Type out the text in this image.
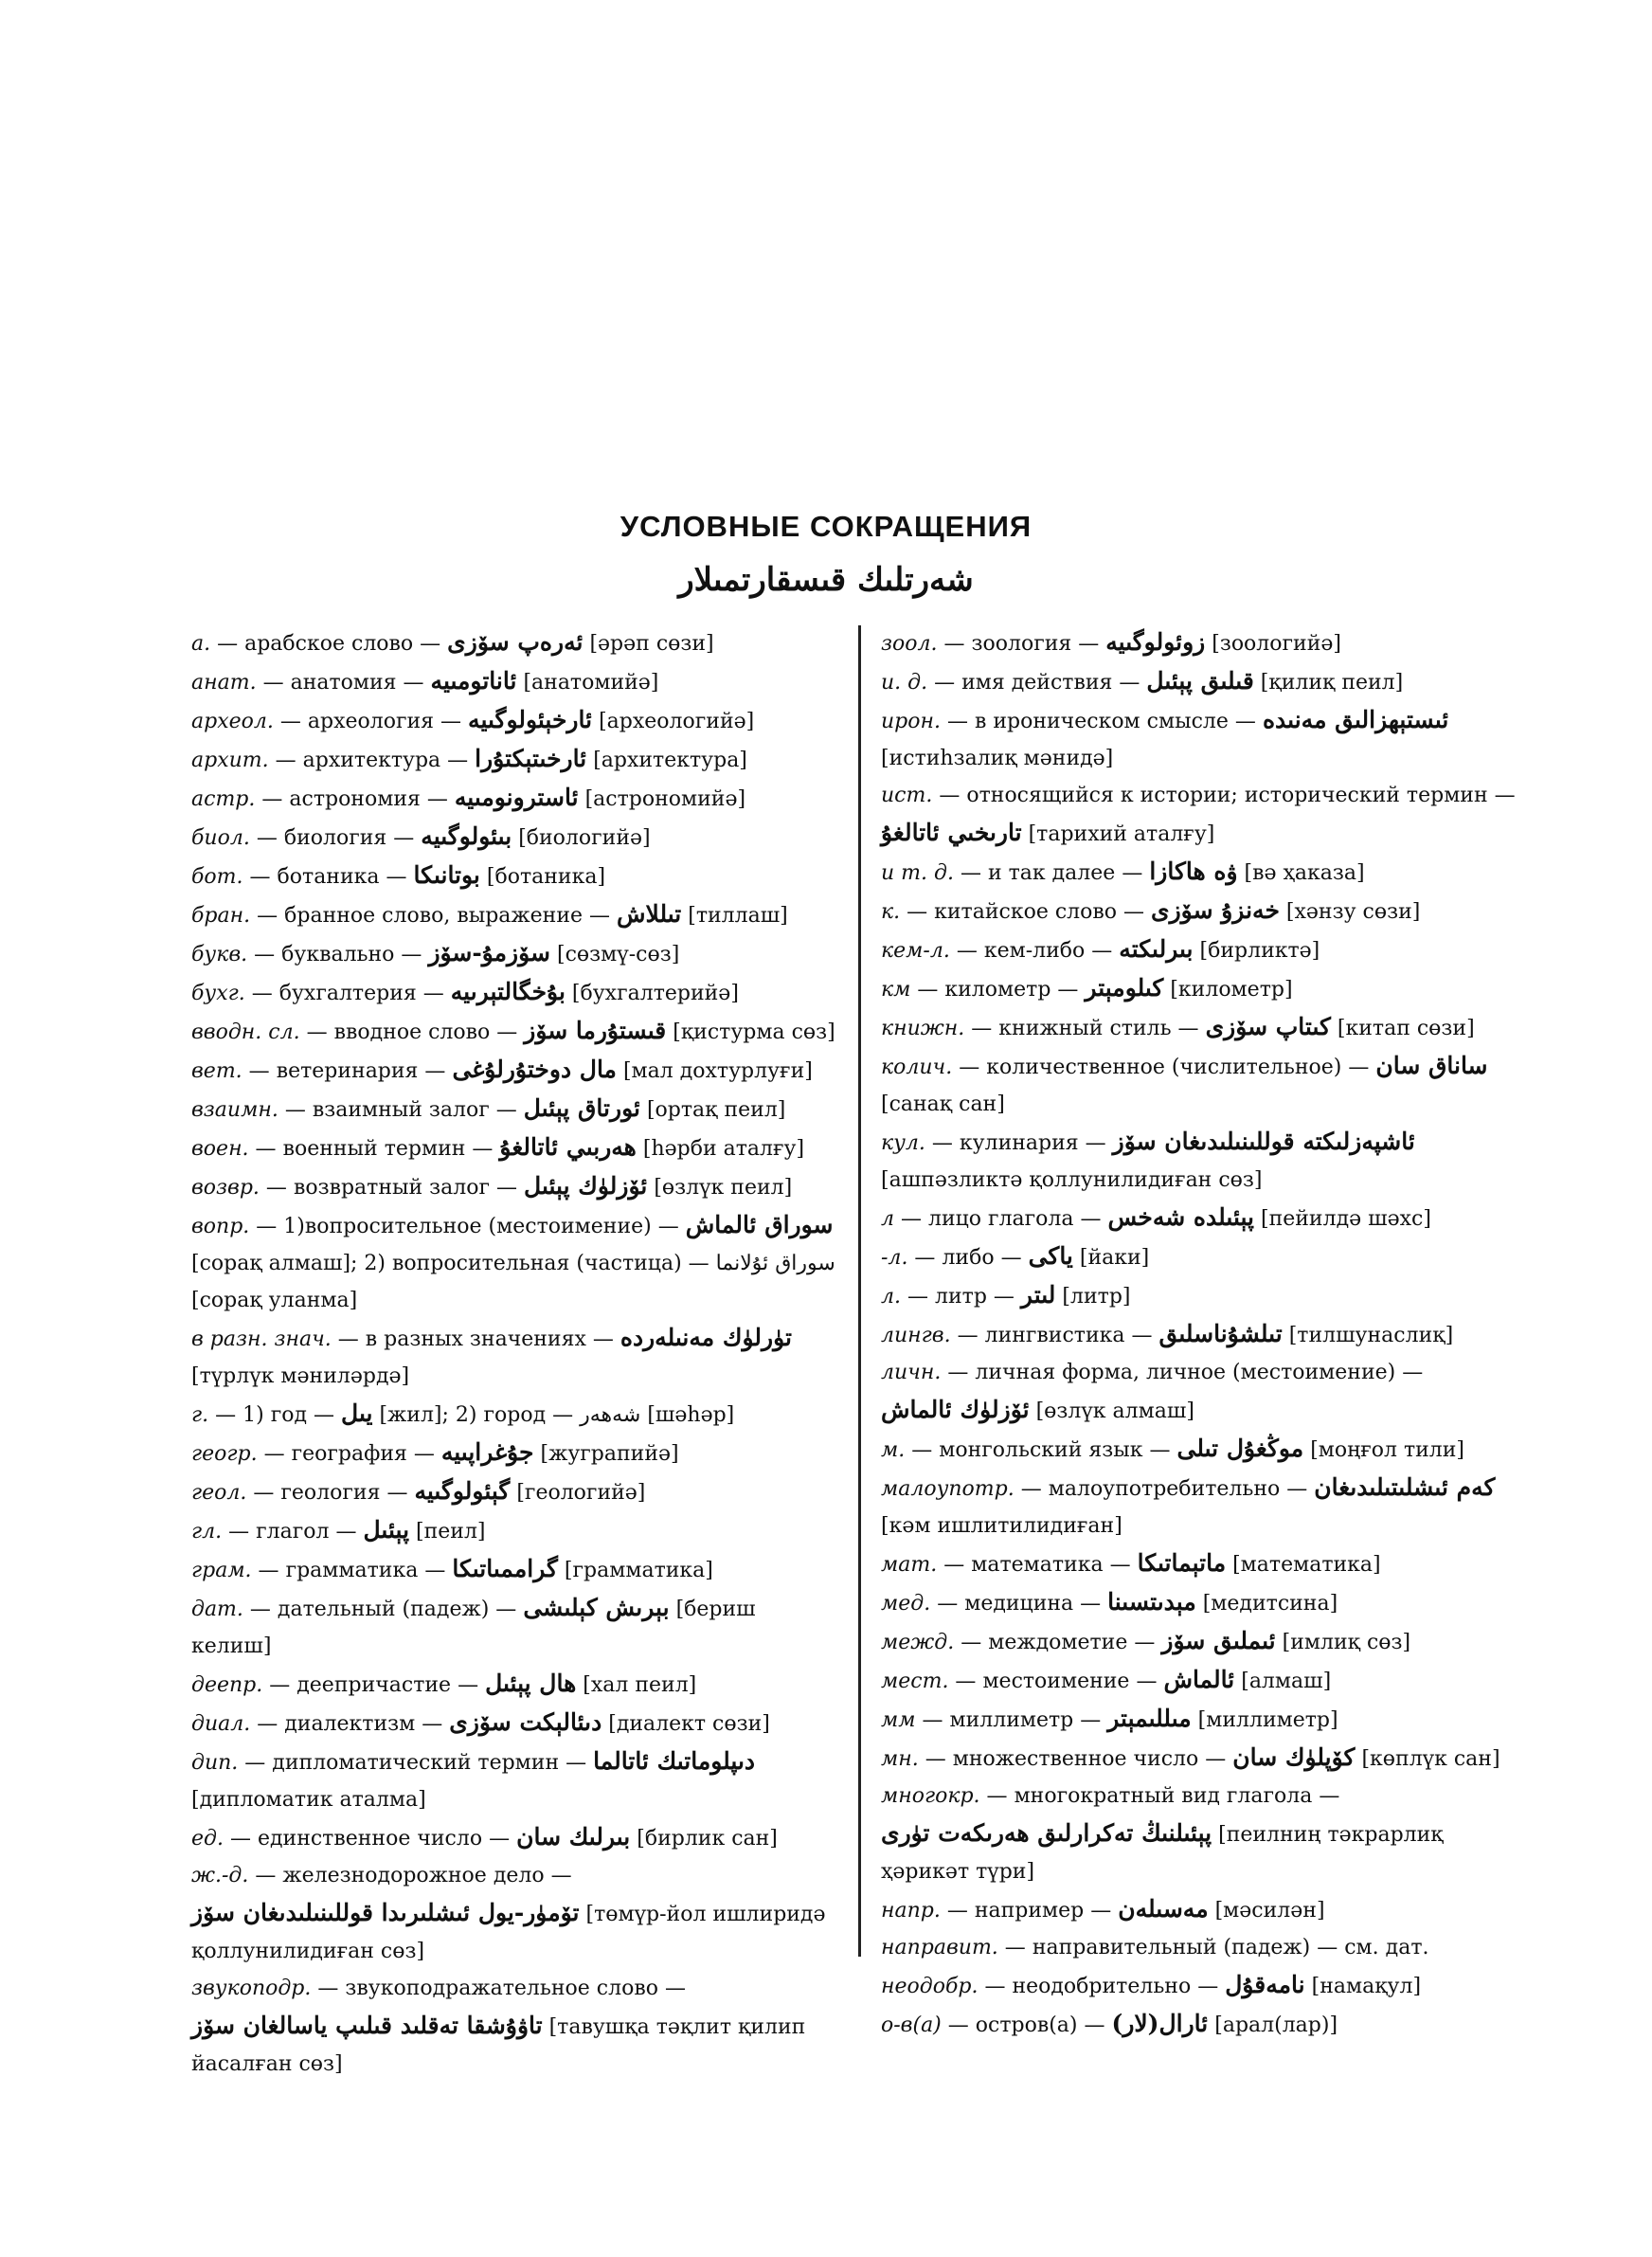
УСЛОВНЫЕ СОКРАЩЕНИЯ
شەرتلىك قىسقارتمىلار

а. — арабское слово — ئەرەپ سۆزى [әрәп сөзи]

анат. — анатомия — ئاناتومىيە [анатомийә]

археол. — археология — ئارخېئولوگىيە [археологийә]

архит. — архитектура — ئارخىتېكتۇرا [архитектура]

астр. — астрономия — ئاسترونومىيە [астрономийә]

биол. — биология — بىئولوگىيە [биологийә]

бот. — ботаника — بوتانىكا [ботаника]

бран. — бранное слово, выражение — تىللاش [тиллаш]

букв. — буквально — سۆزمۇ-سۆز [сөзмү-сөз]

бухг. — бухгалтерия — بۇخگالتېرىيە [бухгалтерийә]

вводн. сл. — вводное слово — قىستۇرما سۆز [қистурма сөз]

вет. — ветеринария — مال دوختۇرلۇغى [мал дохтурлуғи]

взаимн. — взаимный залог — ئورتاق پېئىل [ортақ пеил]

воен. — военный термин — ھەربىي ئاتالغۇ [һәрби аталғу]

возвр. — возвратный залог — ئۆزلۈك پېئىل [өзлүк пеил]

вопр. — 1)вопросительное (местоимение) — سوراق ئالماش [сорақ алмаш]; 2) вопросительная (частица) — سوراق ئۇلانما [сорақ уланма]

в разн. знач. — в разных значениях — تۈرلۈك مەنىلەردە [түрлүк мәниләрдә]

г. — 1) год — يىل [жил]; 2) город — شەھەر [шәһәр]

геогр. — география — جۇغراپىيە [жуграпийә]

геол. — геология — گېئولوگىيە [геологийә]

гл. — глагол — پېئىل [пеил]

грам. — грамматика — گراممىاتىكا [грамматика]

дат. — дательный (падеж) — بېرىش كېلىشى [бериш келиш]

деепр. — деепричастие — ھال پېئىل [хал пеил]

диал. — диалектизм — دىئالېكت سۆزى [диалект сөзи]

дип. — дипломатический термин — دىپلوماتىك ئاتالما [дипломатик аталма]

ед. — единственное число — بىرلىك سان [бирлик сан]

ж.-д. — железнодорожное дело — تۆمۈر-يول ئىشلىرىدا قوللىنىلىدىغان سۆز [төмүр-йол ишлиридә қоллунилидиған сөз]

звукоподр. — звукоподражательное слово — تاۋۇشقا تەقلىد قىلىپ ياسالغان سۆز [тавушқа тәқлит қилип йасалған сөз]

зоол. — зоология — زوئولوگىيە [зоологийә]

и. д. — имя действия — قىلىق پېئىل [қилиқ пеил]

ирон. — в ироническом смысле — ئىستېھزالىق مەنىدە [истиһзалиқ мәнидә]

ист. — относящийся к истории; исторический термин — تارىخىي ئاتالغۇ [тарихий аталғу]

и т. д. — и так далее — ۋە ھاكازا [вә ҳаказа]

к. — китайское слово — خەنزۇ سۆزى [хәнзу сөзи]

кем-л. — кем-либо — بىرلىكتە [бирликтә]

км — километр — كىلومېتر [километр]

книжн. — книжный стиль — كىتاپ سۆزى [китап сөзи]

колич. — количественное (числительное) — ساناق سان [санақ сан]

кул. — кулинария — ئاشپەزلىكتە قوللىنىلىدىغان سۆز [ашпәзликтә қоллунилидиған сөз]

л — лицо глагола — پېئىلدە شەخس [пейилдә шәхс]

-л. — либо — ياكى [йаки]

л. — литр — لىتر [литр]

лингв. — лингвистика — تىلشۇناسلىق [тилшунаслиқ]

личн. — личная форма, личное (местоимение) — ئۆزلۈك ئالماش [өзлүк алмаш]

м. — монгольский язык — موڭغۇل تىلى [моңғол тили]

малоупотр. — малоупотребительно — كەم ئىشلىتىلىدىغان [кәм ишлитилидиған]

мат. — математика — ماتېماتىكا [математика]

мед. — медицина — مېدىتسىنا [медитсина]

межд. — междометие — ئىملىق سۆز [имлиқ сөз]

мест. — местоимение — ئالماش [алмаш]

мм — миллиметр — مىللىمېتر [миллиметр]

мн. — множественное число — كۆپلۈك سان [көплүк сан]

многокр. — многократный вид глагола — پېئىلنىڭ تەكرارلىق ھەرىكەت تۈرى [пеилниң тәкрарлиқ ҳәрикәт түри]

напр. — например — مەسىلەن [мәсилән]

направит. — направительный (падеж) — см. дат.

неодобр. — неодобрительно — نامەقۇل [намақул]

о-в(а) — остров(а) — ئارال(لار) [арал(лар)]
